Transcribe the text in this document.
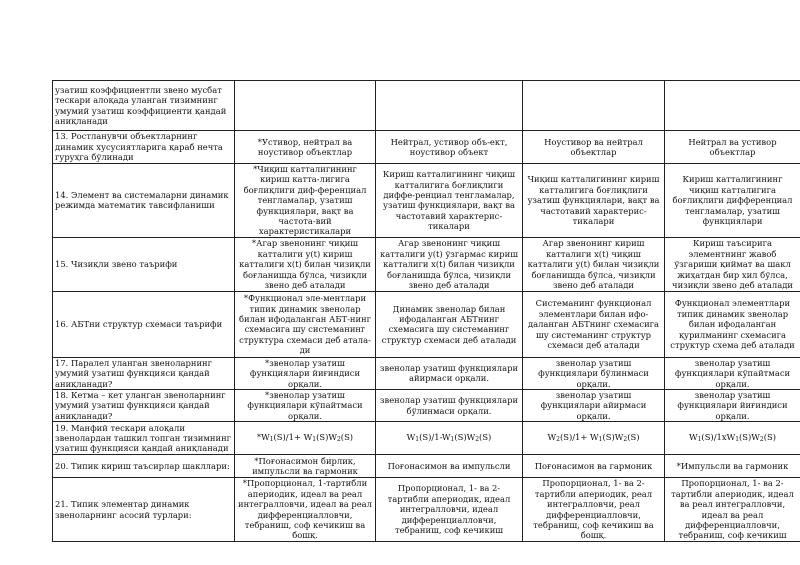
узатиш коэффициентли звено мусбат тескари алоқада уланган тизимнинг умумий узатиш коэффициенти қандай аниқланади				
13. Ростланувчи объектларнинг динамик хусусиятларига қараб нечта гуруҳга бўлинади	*Устивор, нейтрал ва ноустивор объектлар	Нейтрал, устивор объ-ект, ноустивор объект	Ноустивор ва нейтрал объектлар	Нейтрал ва устивор объектлар
14. Элемент ва системаларни динамик режимда математик тавсифланиши	*Чиқиш катталигининг кириш катта-лигига боғлиқлиги диф-ференциал тенгламалар, узатиш функциялари, вақт ва частота-вий характеристикалари	Кириш катталигининг чиқиш катталигига боғлиқлиги диффе-ренциал тенгламалар, узатиш функциялари, вақт ва частотавий характерис-тикалари	Чиқиш катталигининг кириш катталигига боғлиқлиги узатиш функциялари, вақт ва частотавий характерис-тикалари	Кириш катталигининг чиқиш катталигига боғлиқлиги дифференциал тенгламалар, узатиш функциялари
15. Чизиқли звено таърифи	*Агар звенонинг чиқиш катталиги y(t) кириш катталиги x(t) билан чизиқли боғланишда бўлса, чизиқли звено деб аталади	Агар звенонинг чиқиш катталиги y(t) ўзгармас кириш катталиги x(t) билан чизиқли боғланишда бўлса, чизиқли звено деб аталади	Агар звенонинг кириш катталиги x(t) чиқиш катталиги y(t) билан чизиқли боғланишда бўлса, чизиқли звено деб аталади	Кириш таъсирига элементнинг жавоб ўзгариши қиймат ва шакл жиҳатдан бир хил бўлса, чизиқли звено деб аталади
16. АБТни структур схемаси таърифи	*Функционал эле-ментлари типик динамик звенолар билан ифодаланган АБТ-нинг схемасига шу системанинг структура схемаси деб атала-ди	Динамик звенолар билан ифодаланган АБТнинг схемасига шу системанинг структур схемаси деб аталади	Системанинг функционал элементлари билан ифо-даланган АБТнинг схемасига шу системанинг структур схемаси деб аталади	Функционал элементлари типик динамик звенолар билан ифодаланган қурилманинг схемасига структур схема деб аталади
17. Паралел уланган звеноларнинг умумий узатиш функцияси қандай аниқланади?	*звенолар узатиш функциялари йиғиндиси орқали.	звенолар узатиш функциялари айирмаси орқали.	звенолар узатиш функциялари бўлинмаси орқали.	звенолар узатиш функциялари кўпайтмаси орқали.
18. Кетма – кет уланган звеноларнинг умумий узатиш функцияси қандай аниқланади?	*звенолар узатиш функциялари кўпайтмаси орқали.	звенолар узатиш функциялари бўлинмаси орқали.	звенолар узатиш функциялари айирмаси орқали.	звенолар узатиш функциялари йиғиндиси орқали.
19. Манфий тескари алоқали звенолардан ташкил топган тизимнинг узатиш функцияси қандай аниқланади	*W1(S)/1+ W1(S)W2(S)	W1(S)/1-W1(S)W2(S)	W2(S)/1+ W1(S)W2(S)	W1(S)/1xW1(S)W2(S)
20. Типик кириш таъсирлар шакллари:	*Поғонасимон бирлик, импульсли ва гармоник	Поғонасимон ва импульсли	Поғонасимон ва гармоник	*Импульсли ва гармоник
21. Типик элементар динамик звеноларнинг асосий турлари:	*Пропорционал, 1-тартибли апериодик, идеал ва реал интегралловчи, идеал ва реал дифференциалловчи, тебраниш, соф кечикиш ва бошқ.	Пропорционал, 1- ва 2-тартибли апериодик, идеал интегралловчи, идеал дифференциалловчи, тебраниш, соф кечикиш	Пропорционал, 1- ва 2-тартибли апериодик, реал интегралловчи, реал дифференциалловчи, тебраниш, соф кечикиш ва бошқ.	Пропорционал, 1- ва 2-тартибли апериодик, идеал ва реал интегралловчи, идеал ва реал дифференциалловчи, тебраниш, соф кечикиш
